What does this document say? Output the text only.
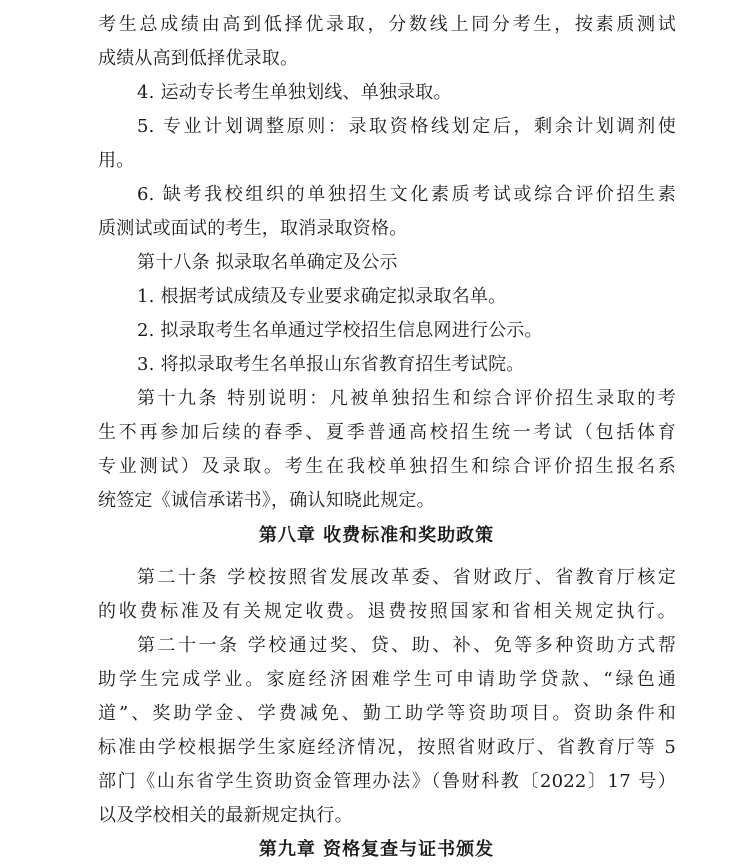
考生总成绩由高到低择优录取，分数线上同分考生，按素质测试
成绩从高到低择优录取。
4. 运动专长考生单独划线、单独录取。
5. 专业计划调整原则：录取资格线划定后，剩余计划调剂使
用。
6. 缺考我校组织的单独招生文化素质考试或综合评价招生素
质测试或面试的考生，取消录取资格。
第十八条 拟录取名单确定及公示
1. 根据考试成绩及专业要求确定拟录取名单。
2. 拟录取考生名单通过学校招生信息网进行公示。
3. 将拟录取考生名单报山东省教育招生考试院。
第十九条 特别说明：凡被单独招生和综合评价招生录取的考
生不再参加后续的春季、夏季普通高校招生统一考试（包括体育
专业测试）及录取。考生在我校单独招生和综合评价招生报名系
统签定《诚信承诺书》，确认知晓此规定。
第八章 收费标准和奖助政策
第二十条 学校按照省发展改革委、省财政厅、省教育厅核定
的收费标准及有关规定收费。退费按照国家和省相关规定执行。
第二十一条 学校通过奖、贷、助、补、免等多种资助方式帮
助学生完成学业。家庭经济困难学生可申请助学贷款、“绿色通
道”、奖助学金、学费减免、勤工助学等资助项目。资助条件和
标准由学校根据学生家庭经济情况，按照省财政厅、省教育厅等 5
部门《山东省学生资助资金管理办法》（鲁财科教〔2022〕17 号）
以及学校相关的最新规定执行。
第九章 资格复查与证书颁发
